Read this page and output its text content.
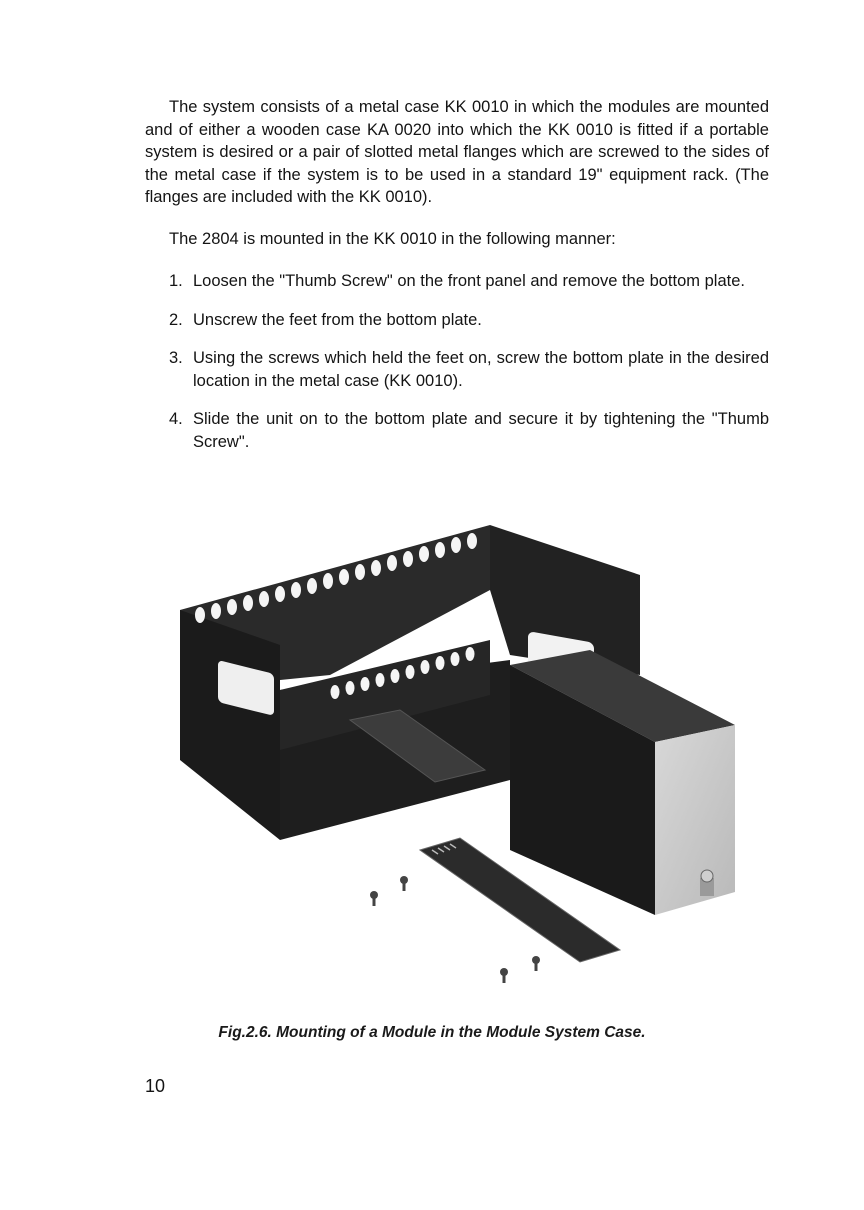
The system consists of a metal case KK 0010 in which the modules are mounted and of either a wooden case KA 0020 into which the KK 0010 is fitted if a portable system is desired or a pair of slotted metal flanges which are screwed to the sides of the metal case if the system is to be used in a standard 19" equipment rack. (The flanges are included with the KK 0010).

The 2804 is mounted in the KK 0010 in the following manner:

1. Loosen the "Thumb Screw" on the front panel and remove the bottom plate.
2. Unscrew the feet from the bottom plate.
3. Using the screws which held the feet on, screw the bottom plate in the desired location in the metal case (KK 0010).
4. Slide the unit on to the bottom plate and secure it by tightening the "Thumb Screw".
Fig.2.6. Mounting of a Module in the Module System Case.
10
